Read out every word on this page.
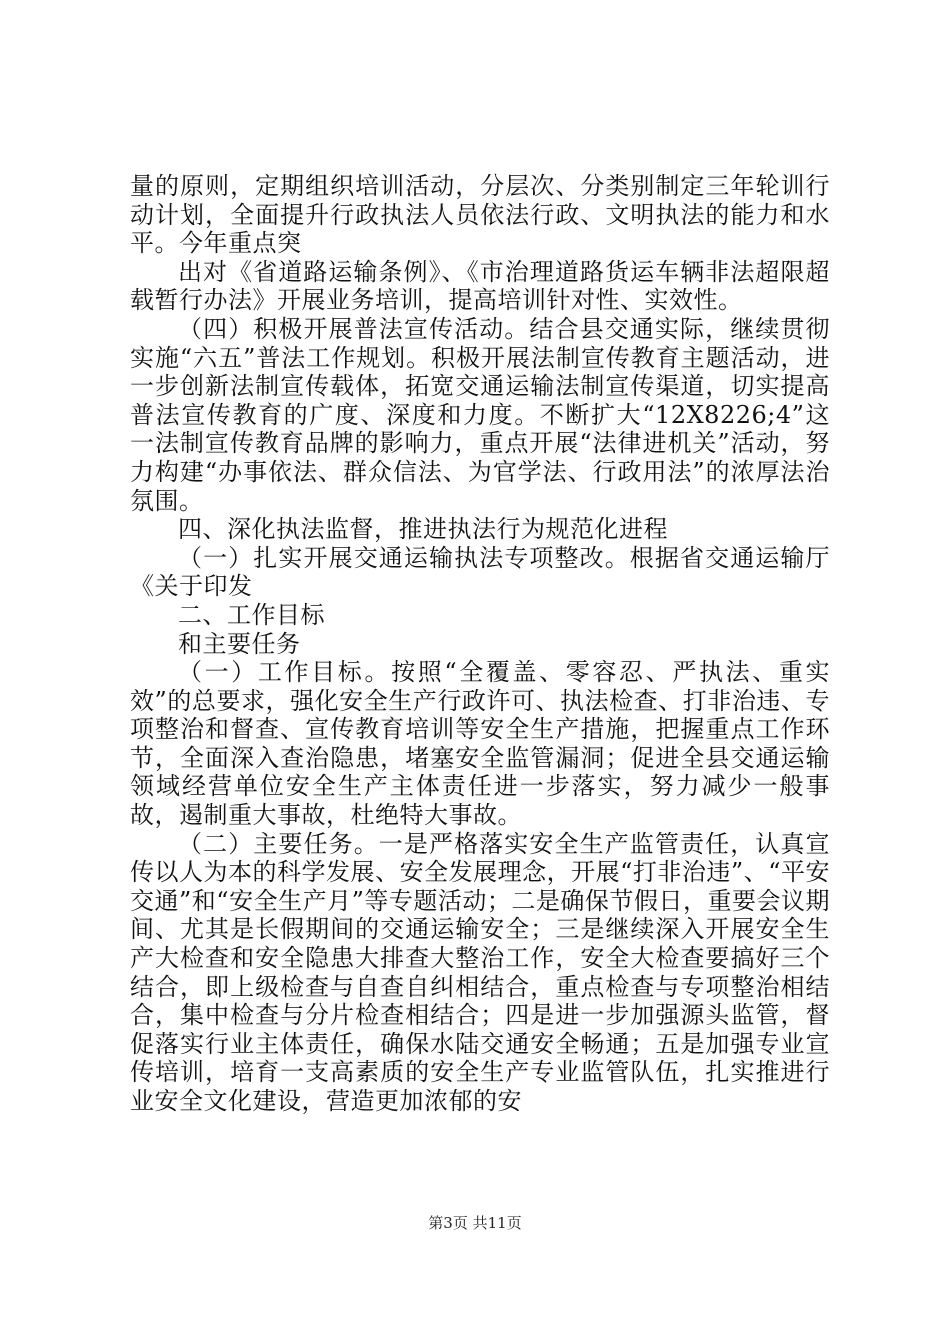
量的原则，定期组织培训活动，分层次、分类别制定三年轮训行动计划，全面提升行政执法人员依法行政、文明执法的能力和水平。今年重点突

出对《省道路运输条例》、《市治理道路货运车辆非法超限超载暂行办法》开展业务培训，提高培训针对性、实效性。

（四）积极开展普法宣传活动。结合县交通实际，继续贯彻实施“六五”普法工作规划。积极开展法制宣传教育主题活动，进一步创新法制宣传载体，拓宽交通运输法制宣传渠道，切实提高普法宣传教育的广度、深度和力度。不断扩大“12X8226;4”这一法制宣传教育品牌的影响力，重点开展“法律进机关”活动，努力构建“办事依法、群众信法、为官学法、行政用法”的浓厚法治氛围。

四、深化执法监督，推进执法行为规范化进程

（一）扎实开展交通运输执法专项整改。根据省交通运输厅《关于印发

二、工作目标

和主要任务

（一）工作目标。按照“全覆盖、零容忍、严执法、重实效”的总要求，强化安全生产行政许可、执法检查、打非治违、专项整治和督查、宣传教育培训等安全生产措施，把握重点工作环节，全面深入查治隐患，堵塞安全监管漏洞；促进全县交通运输领域经营单位安全生产主体责任进一步落实，努力减少一般事故，遏制重大事故，杜绝特大事故。

（二）主要任务。一是严格落实安全生产监管责任，认真宣传以人为本的科学发展、安全发展理念，开展“打非治违”、“平安交通”和“安全生产月”等专题活动；二是确保节假日，重要会议期间、尤其是长假期间的交通运输安全；三是继续深入开展安全生产大检查和安全隐患大排查大整治工作，安全大检查要搞好三个结合，即上级检查与自查自纠相结合，重点检查与专项整治相结合，集中检查与分片检查相结合；四是进一步加强源头监管，督促落实行业主体责任，确保水陆交通安全畅通；五是加强专业宣传培训，培育一支高素质的安全生产专业监管队伍，扎实推进行业安全文化建设，营造更加浓郁的安

第3页 共11页
